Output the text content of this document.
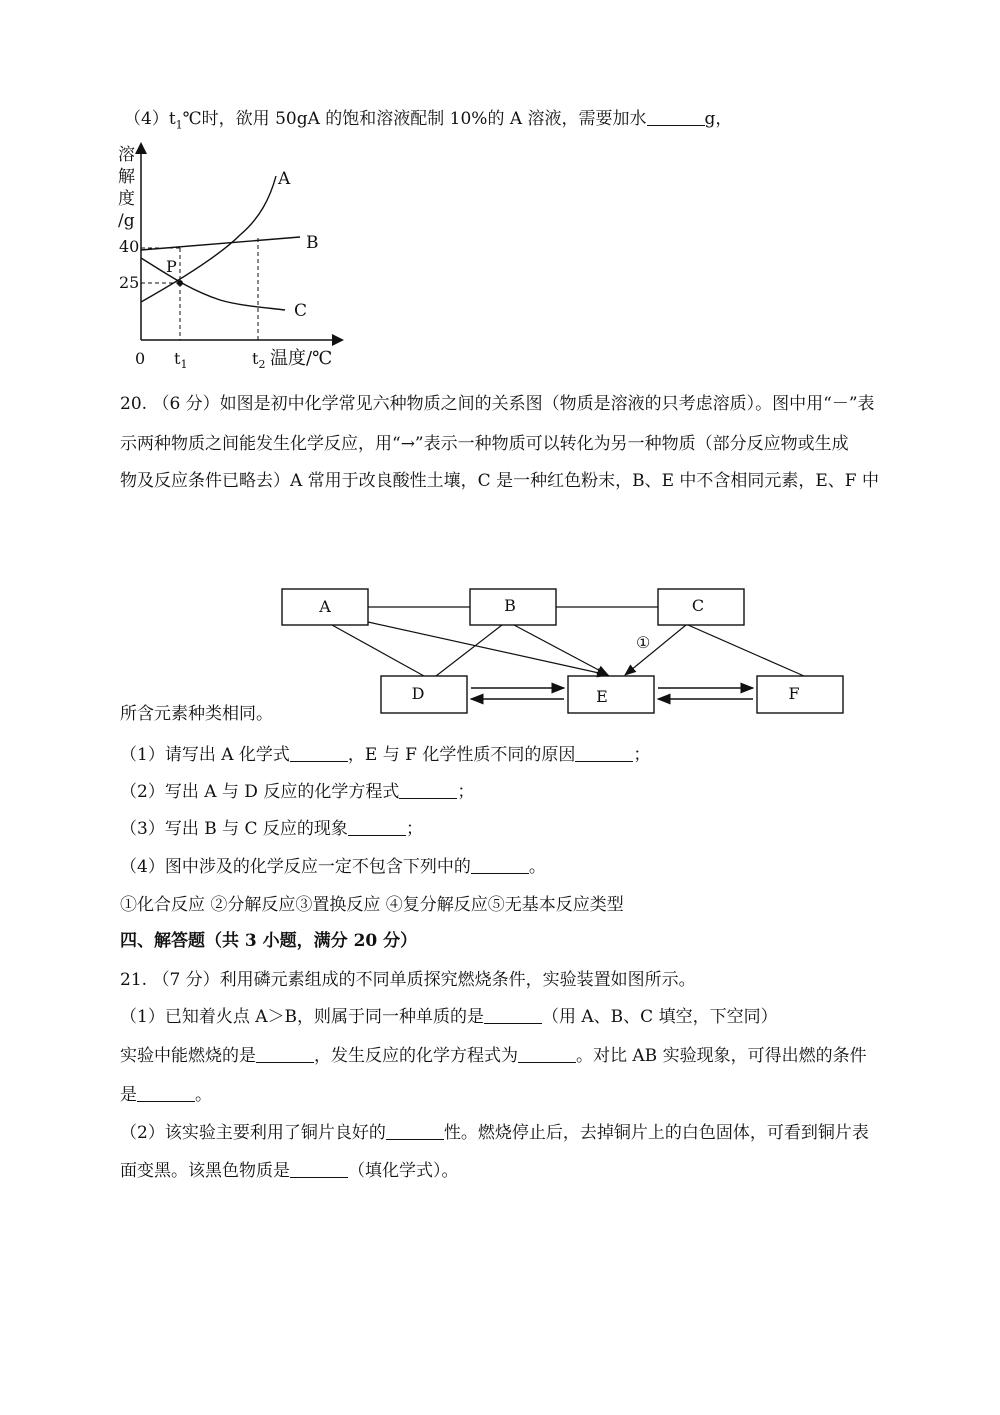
$(4)t_1℃$时，欲用 50gA 的饱和溶液配制 10%的 A 溶液，需要加水	g，
溶
解
度
/g
40
25
0 $t_1$	$t_2$ 温度/℃
P
A
B
C
20. （6 分）如图是初中化学常见六种物质之间的关系图（物质是溶液的只考虑溶质）。图中用“－”表
示两种物质之间能发生化学反应，用“→”表示一种物质可以转化为另一种物质（部分反应物或生成
物及反应条件已略去）A 常用于改良酸性土壤，C 是一种红色粉末，B、E 中不含相同元素，E、F 中
A	B	C
D	E	F
①
所含元素种类相同。
（1）请写出 A 化学式	，E 与 F 化学性质不同的原因	；
（2）写出 A 与 D 反应的化学方程式	；
（3）写出 B 与 C 反应的现象	；
（4）图中涉及的化学反应一定不包含下列中的	。
①化合反应 ②分解反应③置换反应 ④复分解反应⑤无基本反应类型
四、解答题（共 3 小题，满分 20 分）
21. （7 分）利用磷元素组成的不同单质探究燃烧条件，实验装置如图所示。
（1）已知着火点 A＞B，则属于同一种单质的是	（用 A、B、C 填空，下空同）
实验中能燃烧的是	，发生反应的化学方程式为	。对比 AB 实验现象，可得出燃的条件
是	。
（2）该实验主要利用了铜片良好的	性。燃烧停止后，去掉铜片上的白色固体，可看到铜片表
面变黑。该黑色物质是	（填化学式）。
